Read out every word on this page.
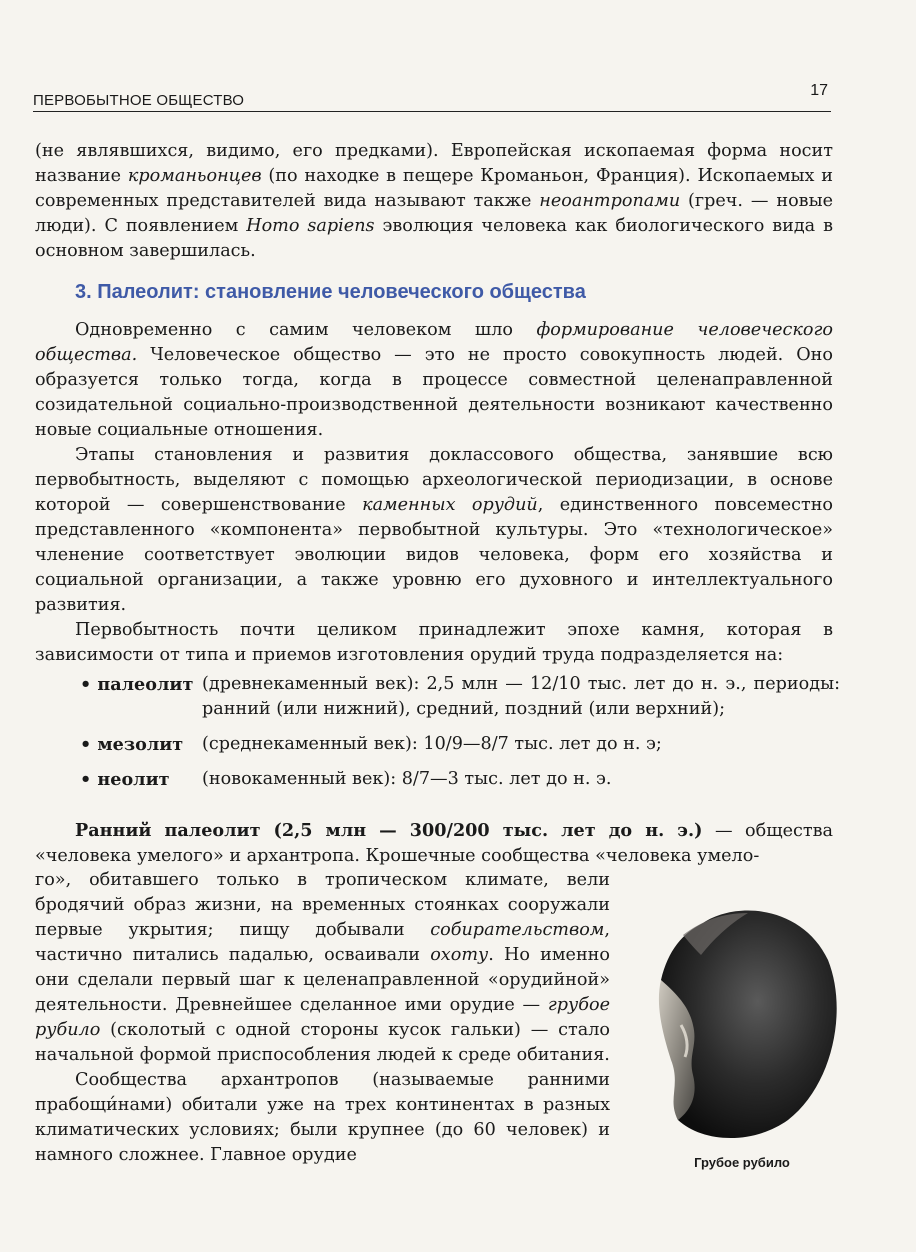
ПЕРВОБЫТНОЕ ОБЩЕСТВО
17

(не являвшихся, видимо, его предками). Европейская ископаемая форма носит название кроманьонцев (по находке в пещере Кроманьон, Франция). Ископаемых и современных представителей вида называют также неоантропами (греч. — новые люди). С появлением Homo sapiens эволюция человека как биологического вида в основном завершилась.

3. Палеолит: становление человеческого общества

Одновременно с самим человеком шло формирование человеческого общества. Человеческое общество — это не просто совокупность людей. Оно образуется только тогда, когда в процессе совместной целенаправленной созидательной социально-производственной деятельности возникают качественно новые социальные отношения.

Этапы становления и развития доклассового общества, занявшие всю первобытность, выделяют с помощью археологической периодизации, в основе которой — совершенствование каменных орудий, единственного повсеместно представленного «компонента» первобытной культуры. Это «технологическое» членение соответствует эволюции видов человека, форм его хозяйства и социальной организации, а также уровню его духовного и интеллектуального развития.

Первобытность почти целиком принадлежит эпохе камня, которая в зависимости от типа и приемов изготовления орудий труда подразделяется на:

• палеолит (древнекаменный век): 2,5 млн — 12/10 тыс. лет до н. э., периоды: ранний (или нижний), средний, поздний (или верхний);
• мезолит	(среднекаменный век): 10/9—8/7 тыс. лет до н. э;
• неолит	(новокаменный век): 8/7—3 тыс. лет до н. э.

Ранний палеолит (2,5 млн — 300/200 тыс. лет до н. э.) — общества «человека умелого» и архантропа. Крошечные сообщества «человека умело-

го», обитавшего только в тропическом климате, вели бродячий образ жизни, на временных стоянках сооружали первые укрытия; пищу добывали собирательством, частично питались падалью, осваивали охоту. Но именно они сделали первый шаг к целенаправленной «орудийной» деятельности. Древнейшее сделанное ими орудие — грубое рубило (сколотый с одной стороны кусок гальки) — стало начальной формой приспособления людей к среде обитания.

Сообщества архантропов (называемые ранними прабощи́нами) обитали уже на трех континентах в разных климатических условиях; были крупнее (до 60 человек) и намного сложнее. Главное орудие	Грубое рубило
